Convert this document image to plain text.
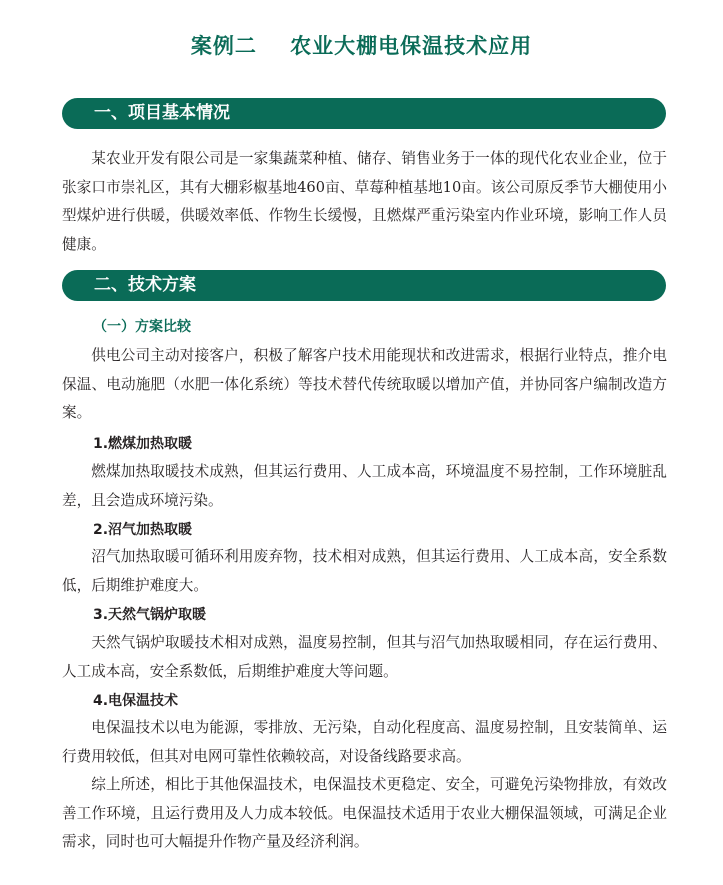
案例二    农业大棚电保温技术应用
一、项目基本情况
某农业开发有限公司是一家集蔬菜种植、储存、销售业务于一体的现代化农业企业，位于张家口市崇礼区，其有大棚彩椒基地460亩、草莓种植基地10亩。该公司原反季节大棚使用小型煤炉进行供暖，供暖效率低、作物生长缓慢，且燃煤严重污染室内作业环境，影响工作人员健康。
二、技术方案
（一）方案比较
供电公司主动对接客户，积极了解客户技术用能现状和改进需求，根据行业特点，推介电保温、电动施肥（水肥一体化系统）等技术替代传统取暖以增加产值，并协同客户编制改造方案。
1.燃煤加热取暖
燃煤加热取暖技术成熟，但其运行费用、人工成本高，环境温度不易控制，工作环境脏乱差，且会造成环境污染。
2.沼气加热取暖
沼气加热取暖可循环利用废弃物，技术相对成熟，但其运行费用、人工成本高，安全系数低，后期维护难度大。
3.天然气锅炉取暖
天然气锅炉取暖技术相对成熟，温度易控制，但其与沼气加热取暖相同，存在运行费用、人工成本高，安全系数低，后期维护难度大等问题。
4.电保温技术
电保温技术以电为能源，零排放、无污染，自动化程度高、温度易控制，且安装简单、运行费用较低，但其对电网可靠性依赖较高，对设备线路要求高。
综上所述，相比于其他保温技术，电保温技术更稳定、安全，可避免污染物排放，有效改善工作环境，且运行费用及人力成本较低。电保温技术适用于农业大棚保温领域，可满足企业需求，同时也可大幅提升作物产量及经济利润。
